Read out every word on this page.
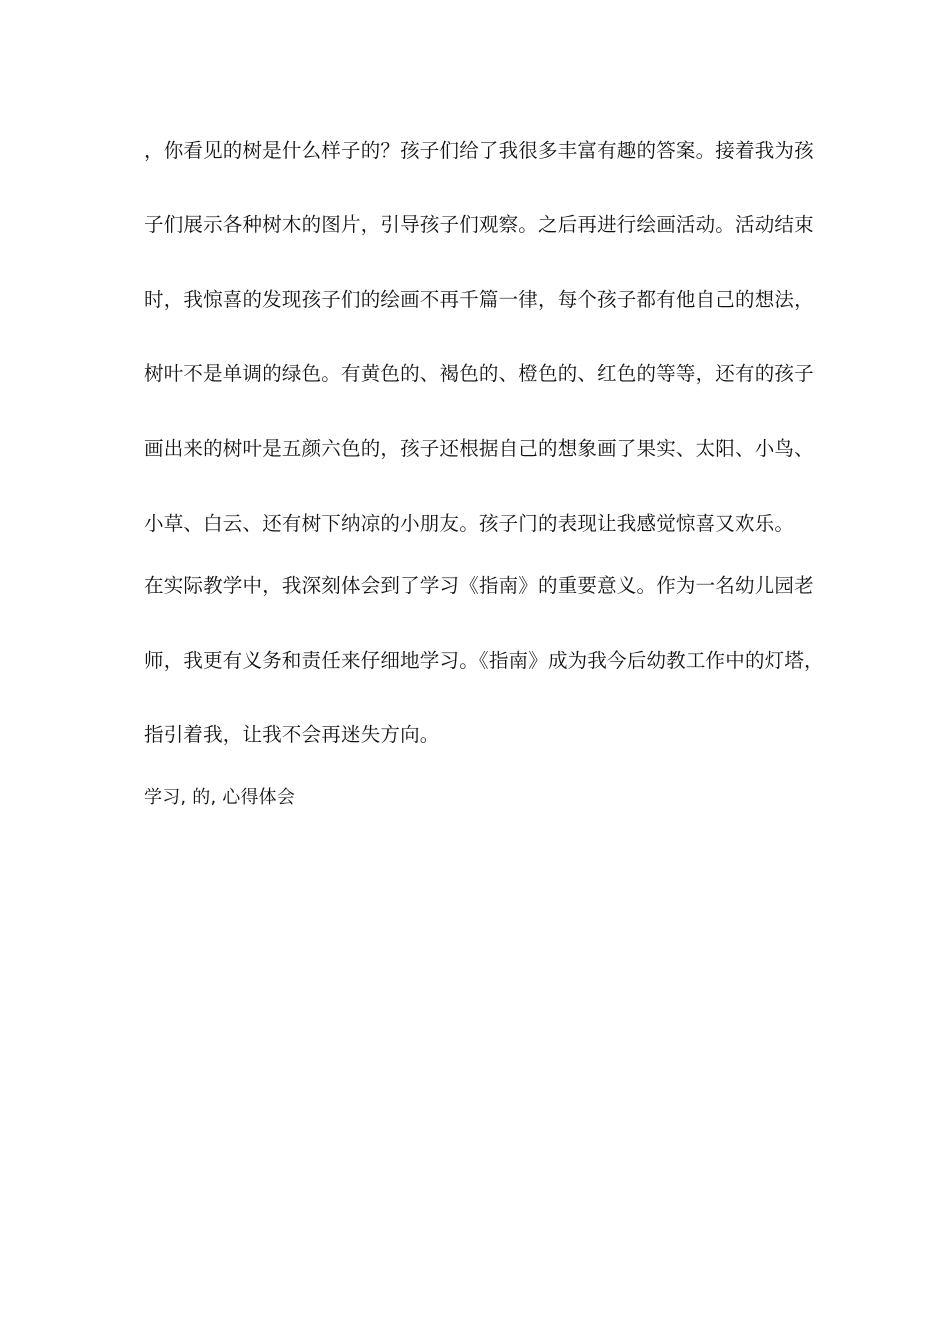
，你看见的树是什么样子的？孩子们给了我很多丰富有趣的答案。接着我为孩
子们展示各种树木的图片，引导孩子们观察。之后再进行绘画活动。活动结束
时，我惊喜的发现孩子们的绘画不再千篇一律，每个孩子都有他自己的想法，
树叶不是单调的绿色。有黄色的、褐色的、橙色的、红色的等等，还有的孩子
画出来的树叶是五颜六色的，孩子还根据自己的想象画了果实、太阳、小鸟、
小草、白云、还有树下纳凉的小朋友。孩子门的表现让我感觉惊喜又欢乐。
在实际教学中，我深刻体会到了学习《指南》的重要意义。作为一名幼儿园老
师，我更有义务和责任来仔细地学习。《指南》成为我今后幼教工作中的灯塔，
指引着我，让我不会再迷失方向。
学习, 的, 心得体会
